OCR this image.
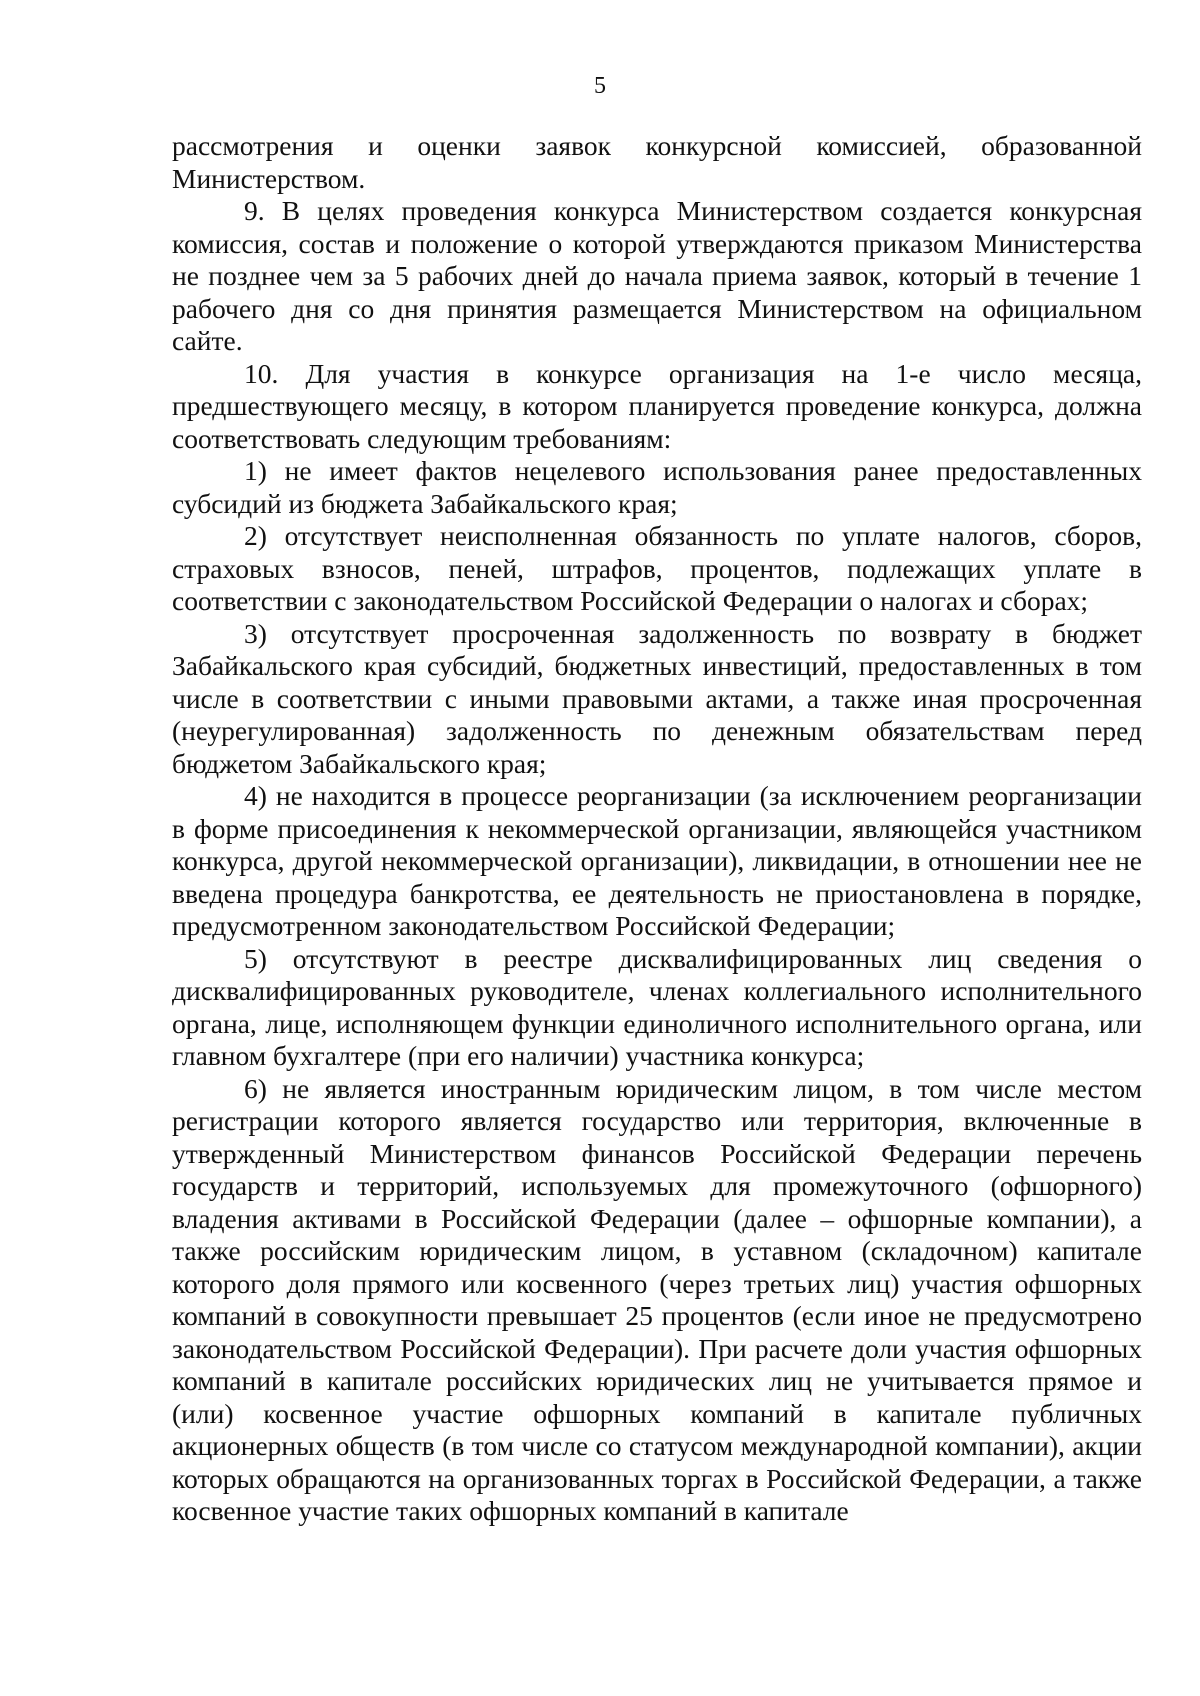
5

рассмотрения и оценки заявок конкурсной комиссией, образованной Министерством.

9. В целях проведения конкурса Министерством создается конкурсная комиссия, состав и положение о которой утверждаются приказом Министерства не позднее чем за 5 рабочих дней до начала приема заявок, который в течение 1 рабочего дня со дня принятия размещается Министерством на официальном сайте.

10. Для участия в конкурсе организация на 1-е число месяца, предшествующего месяцу, в котором планируется проведение конкурса, должна соответствовать следующим требованиям:

1) не имеет фактов нецелевого использования ранее предоставленных субсидий из бюджета Забайкальского края;

2) отсутствует неисполненная обязанность по уплате налогов, сборов, страховых взносов, пеней, штрафов, процентов, подлежащих уплате в соответствии с законодательством Российской Федерации о налогах и сборах;

3) отсутствует просроченная задолженность по возврату в бюджет Забайкальского края субсидий, бюджетных инвестиций, предоставленных в том числе в соответствии с иными правовыми актами, а также иная просроченная (неурегулированная) задолженность по денежным обязательствам перед бюджетом Забайкальского края;

4) не находится в процессе реорганизации (за исключением реорганизации в форме присоединения к некоммерческой организации, являющейся участником конкурса, другой некоммерческой организации), ликвидации, в отношении нее не введена процедура банкротства, ее деятельность не приостановлена в порядке, предусмотренном законодательством Российской Федерации;

5) отсутствуют в реестре дисквалифицированных лиц сведения о дисквалифицированных руководителе, членах коллегиального исполнительного органа, лице, исполняющем функции единоличного исполнительного органа, или главном бухгалтере (при его наличии) участника конкурса;

6) не является иностранным юридическим лицом, в том числе местом регистрации которого является государство или территория, включенные в утвержденный Министерством финансов Российской Федерации перечень государств и территорий, используемых для промежуточного (офшорного) владения активами в Российской Федерации (далее – офшорные компании), а также российским юридическим лицом, в уставном (складочном) капитале которого доля прямого или косвенного (через третьих лиц) участия офшорных компаний в совокупности превышает 25 процентов (если иное не предусмотрено законодательством Российской Федерации). При расчете доли участия офшорных компаний в капитале российских юридических лиц не учитывается прямое и (или) косвенное участие офшорных компаний в капитале публичных акционерных обществ (в том числе со статусом международной компании), акции которых обращаются на организованных торгах в Российской Федерации, а также косвенное участие таких офшорных компаний в капитале
